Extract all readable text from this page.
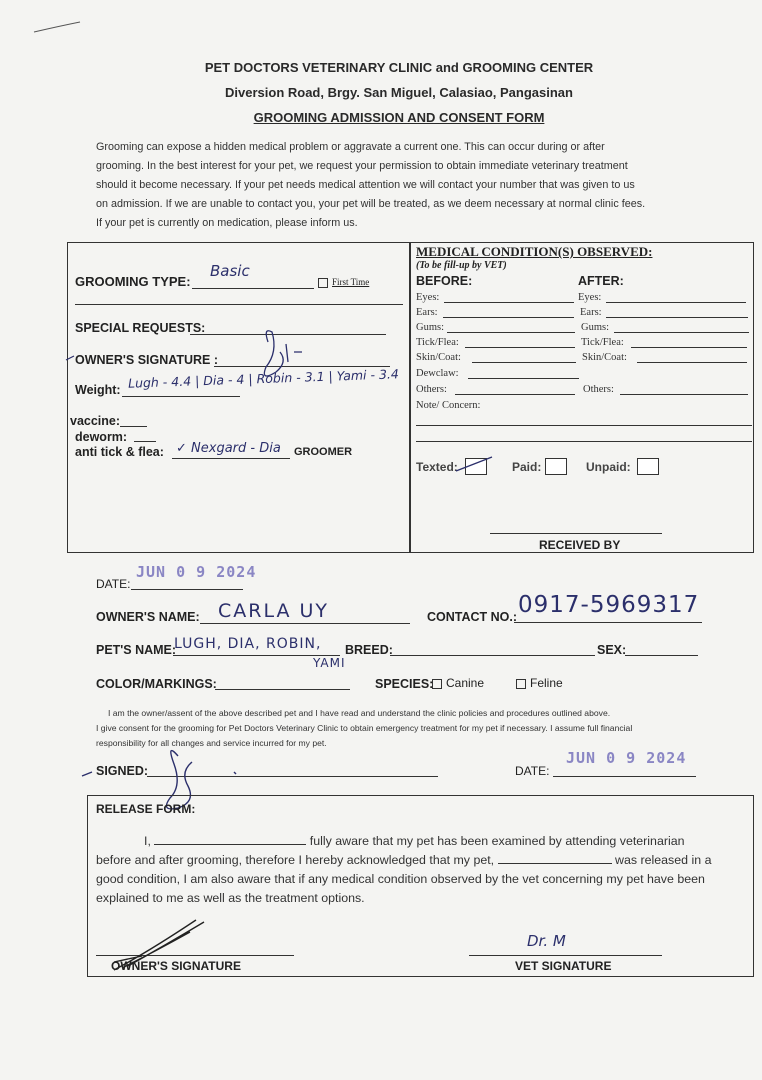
PET DOCTORS VETERINARY CLINIC and GROOMING CENTER
Diversion Road, Brgy. San Miguel, Calasiao, Pangasinan
GROOMING ADMISSION AND CONSENT FORM
Grooming can expose a hidden medical problem or aggravate a current one. This can occur during or after
grooming. In the best interest for your pet, we request your permission to obtain immediate veterinary treatment
should it become necessary. If your pet needs medical attention we will contact your number that was given to us
on admission. If we are unable to contact you, your pet will be treated, as we deem necessary at normal clinic fees.
If your pet is currently on medication, please inform us.
GROOMING TYPE:
Basic
First Time
SPECIAL REQUESTS:
OWNER'S SIGNATURE :
Weight: Lugh - 4.4 | Dia - 4 | Robin - 3.1 | Yami - 3.4
vaccine:
deworm:
anti tick & flea: ✓ Nexgard - Dia GROOMER
MEDICAL CONDITION(S) OBSERVED:
(To be fill-up by VET)
BEFORE:	AFTER:
Eyes:	Eyes:
Ears:	Ears:
Gums:	Gums:
Tick/Flea:	Tick/Flea:
Skin/Coat:	Skin/Coat:
Dewclaw:
Others:	Others:
Note/ Concern:
Texted:	Paid:	Unpaid:
RECEIVED BY
DATE:
JUN 0 9 2024
OWNER'S NAME: CARLA UY	CONTACT NO.: 0917-5969317
PET'S NAME:
LUGH, DIA, ROBIN,
YAMI
BREED:	SEX:
COLOR/MARKINGS:	SPECIES:	Canine	Feline
I am the owner/assent of the above described pet and I have read and understand the clinic policies and procedures outlined above.
I give consent for the grooming for Pet Doctors Veterinary Clinic to obtain emergency treatment for my pet if necessary. I assume full financial
responsibility for all changes and service incurred for my pet.
SIGNED:	DATE:
JUN 0 9 2024
RELEASE FORM:
I,	fully aware that my pet has been examined by attending veterinarian
before and after grooming, therefore I hereby acknowledged that my pet,	was released in a
good condition, I am also aware that if any medical condition observed by the vet concerning my pet have been
explained to me as well as the treatment options.
OWNER'S SIGNATURE
Dr. M
VET SIGNATURE
